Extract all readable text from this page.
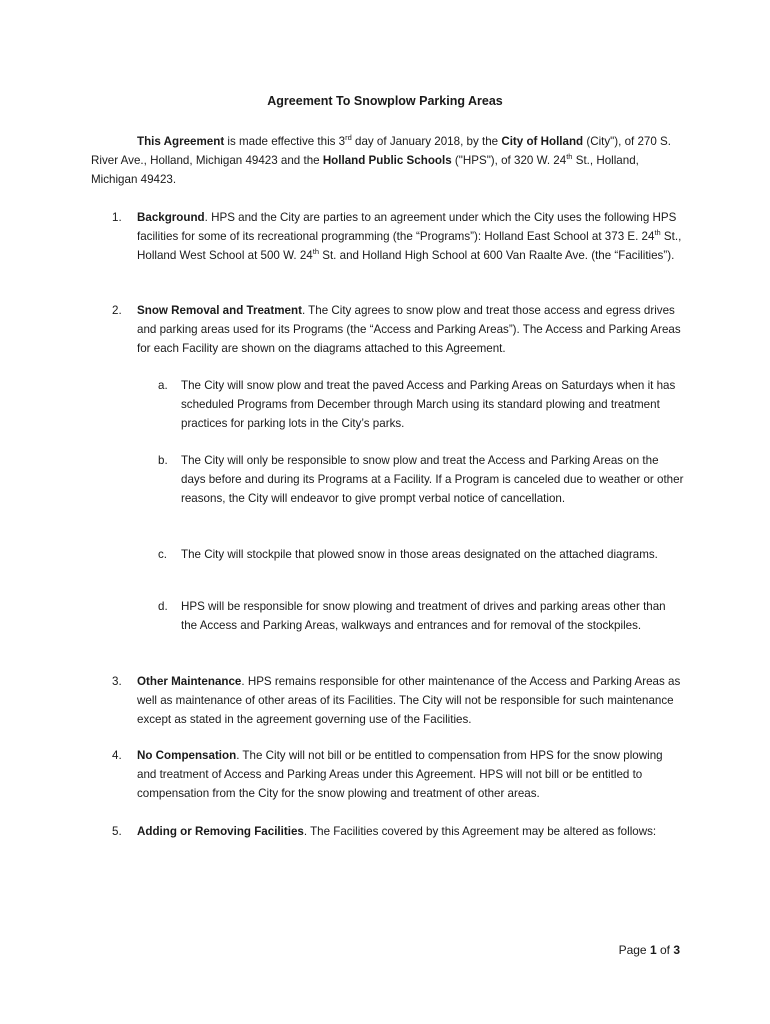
Agreement To Snowplow Parking Areas

This Agreement is made effective this 3rd day of January 2018, by the City of Holland (City"), of 270 S. River Ave., Holland, Michigan 49423 and the Holland Public Schools ("HPS"), of 320 W. 24th St., Holland, Michigan 49423.

1. Background. HPS and the City are parties to an agreement under which the City uses the following HPS facilities for some of its recreational programming (the “Programs”): Holland East School at 373 E. 24th St., Holland West School at 500 W. 24th St. and Holland High School at 600 Van Raalte Ave. (the “Facilities”).
2. Snow Removal and Treatment. The City agrees to snow plow and treat those access and egress drives and parking areas used for its Programs (the “Access and Parking Areas”). The Access and Parking Areas for each Facility are shown on the diagrams attached to this Agreement.
a. The City will snow plow and treat the paved Access and Parking Areas on Saturdays when it has scheduled Programs from December through March using its standard plowing and treatment practices for parking lots in the City’s parks.
b. The City will only be responsible to snow plow and treat the Access and Parking Areas on the days before and during its Programs at a Facility. If a Program is canceled due to weather or other reasons, the City will endeavor to give prompt verbal notice of cancellation.
c. The City will stockpile that plowed snow in those areas designated on the attached diagrams.
d. HPS will be responsible for snow plowing and treatment of drives and parking areas other than the Access and Parking Areas, walkways and entrances and for removal of the stockpiles.
3. Other Maintenance. HPS remains responsible for other maintenance of the Access and Parking Areas as well as maintenance of other areas of its Facilities. The City will not be responsible for such maintenance except as stated in the agreement governing use of the Facilities.
4. No Compensation. The City will not bill or be entitled to compensation from HPS for the snow plowing and treatment of Access and Parking Areas under this Agreement. HPS will not bill or be entitled to compensation from the City for the snow plowing and treatment of other areas.
5. Adding or Removing Facilities. The Facilities covered by this Agreement may be altered as follows:

Page 1 of 3
